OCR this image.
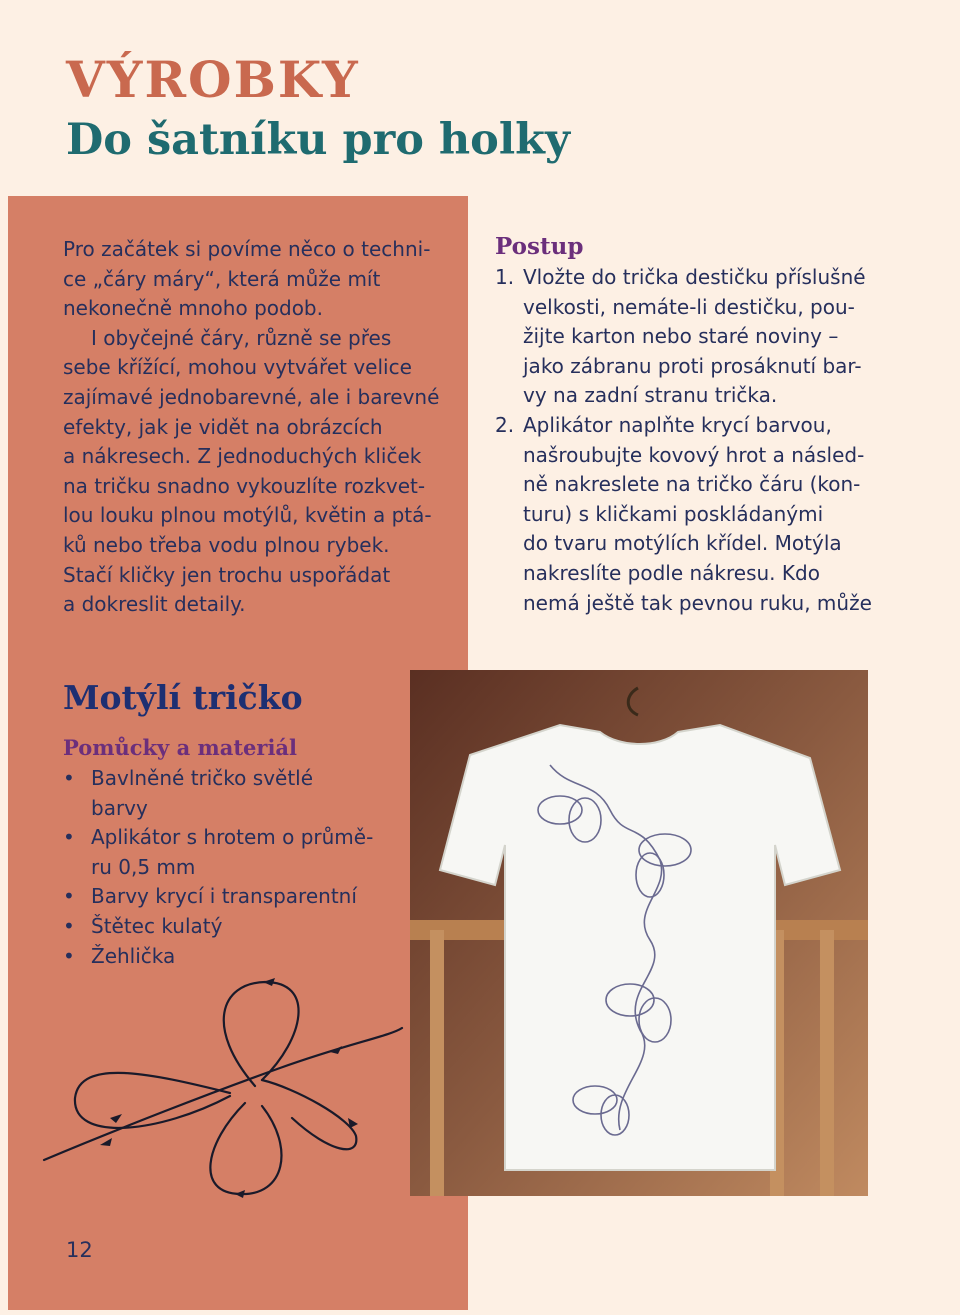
VÝROBKY
Do šatníku pro holky
Pro začátek si povíme něco o techni-
ce „čáry máry“, která může mít
nekonečně mnoho podob.
I obyčejné čáry, různě se přes
sebe křížící, mohou vytvářet velice
zajímavé jednobarevné, ale i barevné
efekty, jak je vidět na obrázcích
a nákresech. Z jednoduchých kliček
na tričku snadno vykouzlíte rozkvet-
lou louku plnou motýlů, květin a ptá-
ků nebo třeba vodu plnou rybek.
Stačí kličky jen trochu uspořádat
a dokreslit detaily.
Postup
1. Vložte do trička destičku příslušné
velkosti, nemáte-li destičku, pou-
žijte karton nebo staré noviny –
jako zábranu proti prosáknutí bar-
vy na zadní stranu trička.
2. Aplikátor naplňte krycí barvou,
našroubujte kovový hrot a násled-
ně nakreslete na tričko čáru (kon-
turu) s kličkami poskládanými
do tvaru motýlích křídel. Motýla
nakreslíte podle nákresu. Kdo
nemá ještě tak pevnou ruku, může
Motýlí tričko
Pomůcky a materiál
• Bavlněné tričko světlé
barvy
• Aplikátor s hrotem o průmě-
ru 0,5 mm
• Barvy krycí i transparentní
• Štětec kulatý
• Žehlička
12
